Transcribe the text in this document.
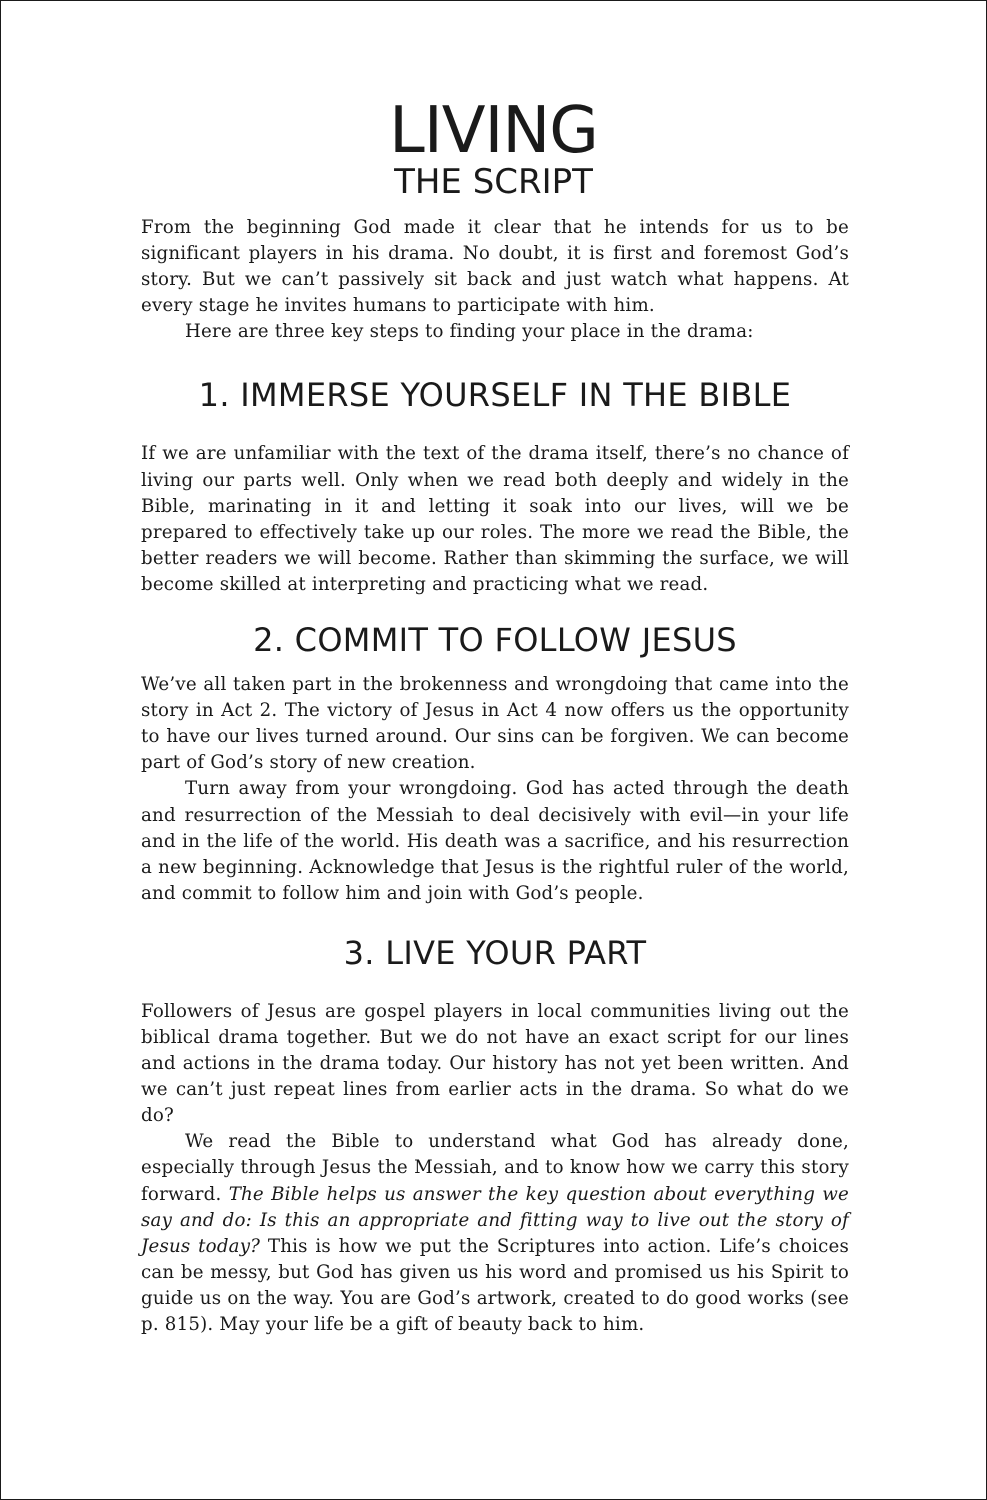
LIVING
THE SCRIPT

From the beginning God made it clear that he intends for us to be significant players in his drama. No doubt, it is first and foremost God’s story. But we can’t passively sit back and just watch what happens. At every stage he invites humans to participate with him.

Here are three key steps to finding your place in the drama:

1. IMMERSE YOURSELF IN THE BIBLE

If we are unfamiliar with the text of the drama itself, there’s no chance of living our parts well. Only when we read both deeply and widely in the Bible, marinating in it and letting it soak into our lives, will we be prepared to effectively take up our roles. The more we read the Bible, the better readers we will become. Rather than skimming the surface, we will become skilled at interpreting and practicing what we read.

2. COMMIT TO FOLLOW JESUS

We’ve all taken part in the brokenness and wrongdoing that came into the story in Act 2. The victory of Jesus in Act 4 now offers us the opportunity to have our lives turned around. Our sins can be forgiven. We can become part of God’s story of new creation.

Turn away from your wrongdoing. God has acted through the death and resurrection of the Messiah to deal decisively with evil—in your life and in the life of the world. His death was a sacrifice, and his resurrection a new beginning. Acknowledge that Jesus is the rightful ruler of the world, and commit to follow him and join with God’s people.

3. LIVE YOUR PART

Followers of Jesus are gospel players in local communities living out the biblical drama together. But we do not have an exact script for our lines and actions in the drama today. Our history has not yet been written. And we can’t just repeat lines from earlier acts in the drama. So what do we do?

We read the Bible to understand what God has already done, especially through Jesus the Messiah, and to know how we carry this story forward. The Bible helps us answer the key question about everything we say and do: Is this an appropriate and fitting way to live out the story of Jesus today? This is how we put the Scriptures into action. Life’s choices can be messy, but God has given us his word and promised us his Spirit to guide us on the way. You are God’s artwork, created to do good works (see p. 815). May your life be a gift of beauty back to him.
